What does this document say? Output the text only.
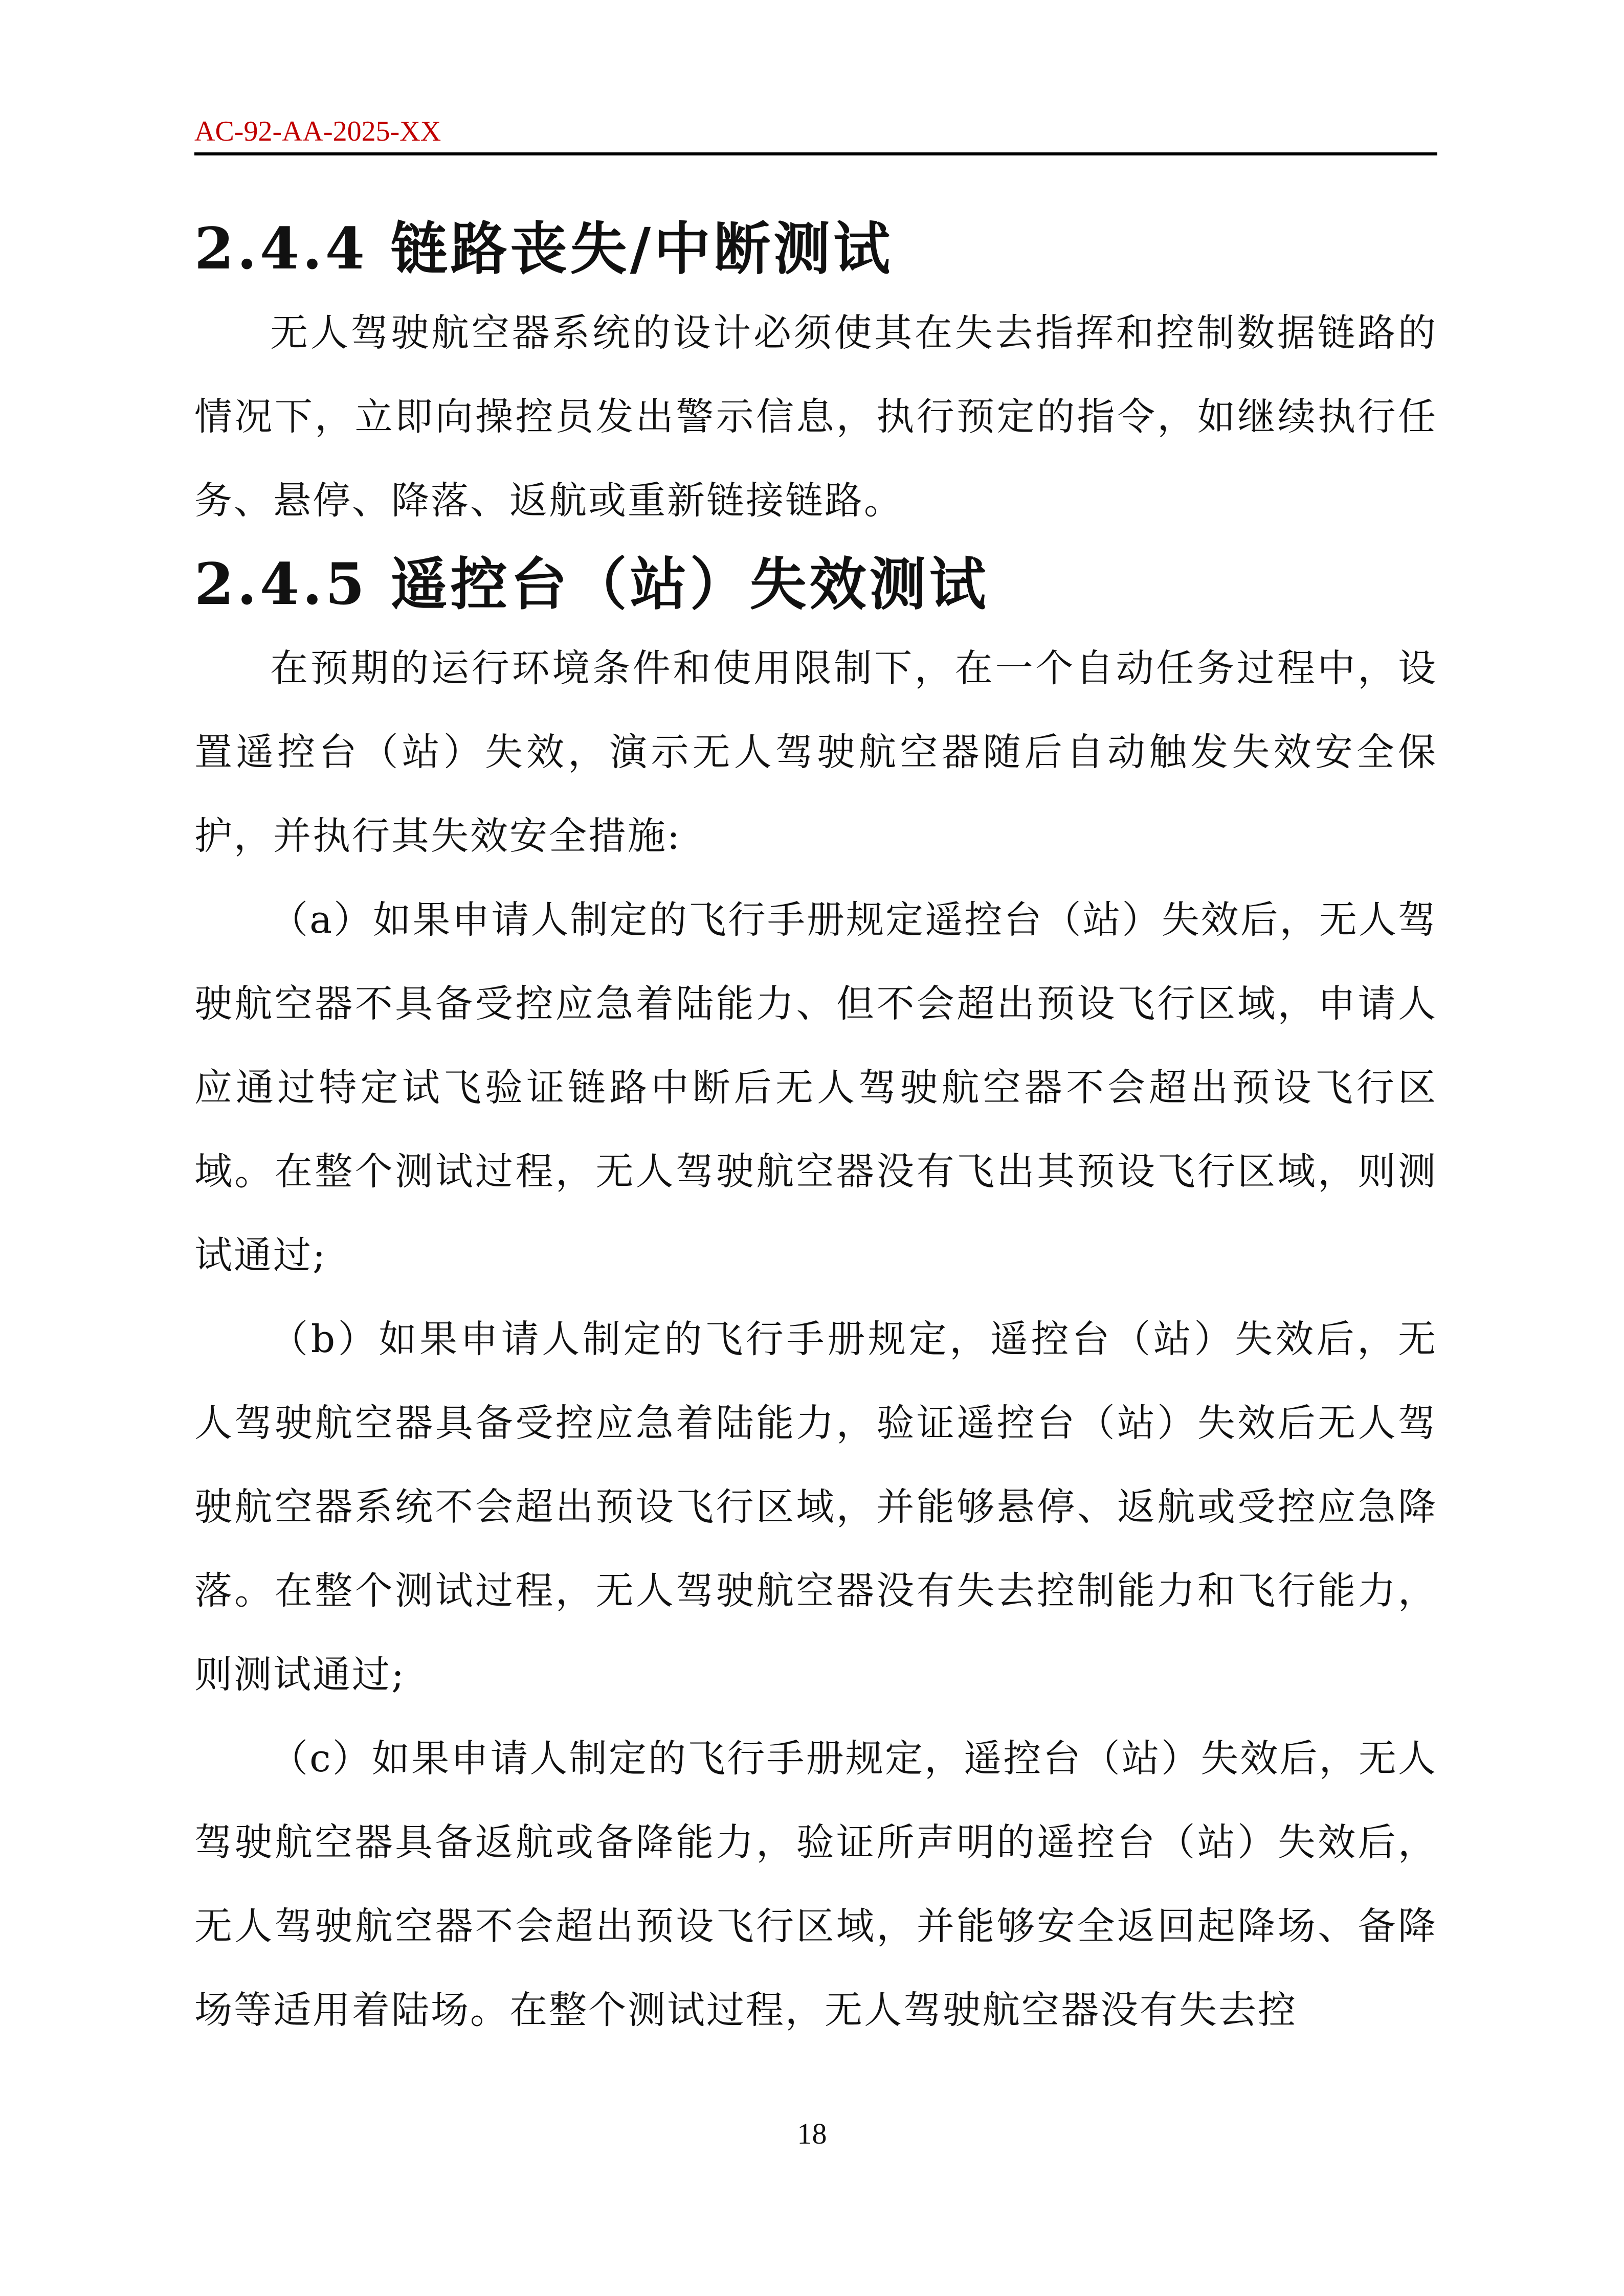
AC-92-AA-2025-XX
2.4.4 链路丧失/中断测试

无人驾驶航空器系统的设计必须使其在失去指挥和控制数据链路的情况下，立即向操控员发出警示信息，执行预定的指令，如继续执行任务、悬停、降落、返航或重新链接链路。

2.4.5 遥控台（站）失效测试

在预期的运行环境条件和使用限制下，在一个自动任务过程中，设置遥控台（站）失效，演示无人驾驶航空器随后自动触发失效安全保护，并执行其失效安全措施:

（a）如果申请人制定的飞行手册规定遥控台（站）失效后，无人驾驶航空器不具备受控应急着陆能力、但不会超出预设飞行区域，申请人应通过特定试飞验证链路中断后无人驾驶航空器不会超出预设飞行区域。在整个测试过程，无人驾驶航空器没有飞出其预设飞行区域，则测试通过;

（b）如果申请人制定的飞行手册规定，遥控台（站）失效后，无人驾驶航空器具备受控应急着陆能力，验证遥控台（站）失效后无人驾驶航空器系统不会超出预设飞行区域，并能够悬停、返航或受控应急降落。在整个测试过程，无人驾驶航空器没有失去控制能力和飞行能力，则测试通过;

（c）如果申请人制定的飞行手册规定，遥控台（站）失效后，无人驾驶航空器具备返航或备降能力，验证所声明的遥控台（站）失效后，无人驾驶航空器不会超出预设飞行区域，并能够安全返回起降场、备降场等适用着陆场。在整个测试过程，无人驾驶航空器没有失去控

18
